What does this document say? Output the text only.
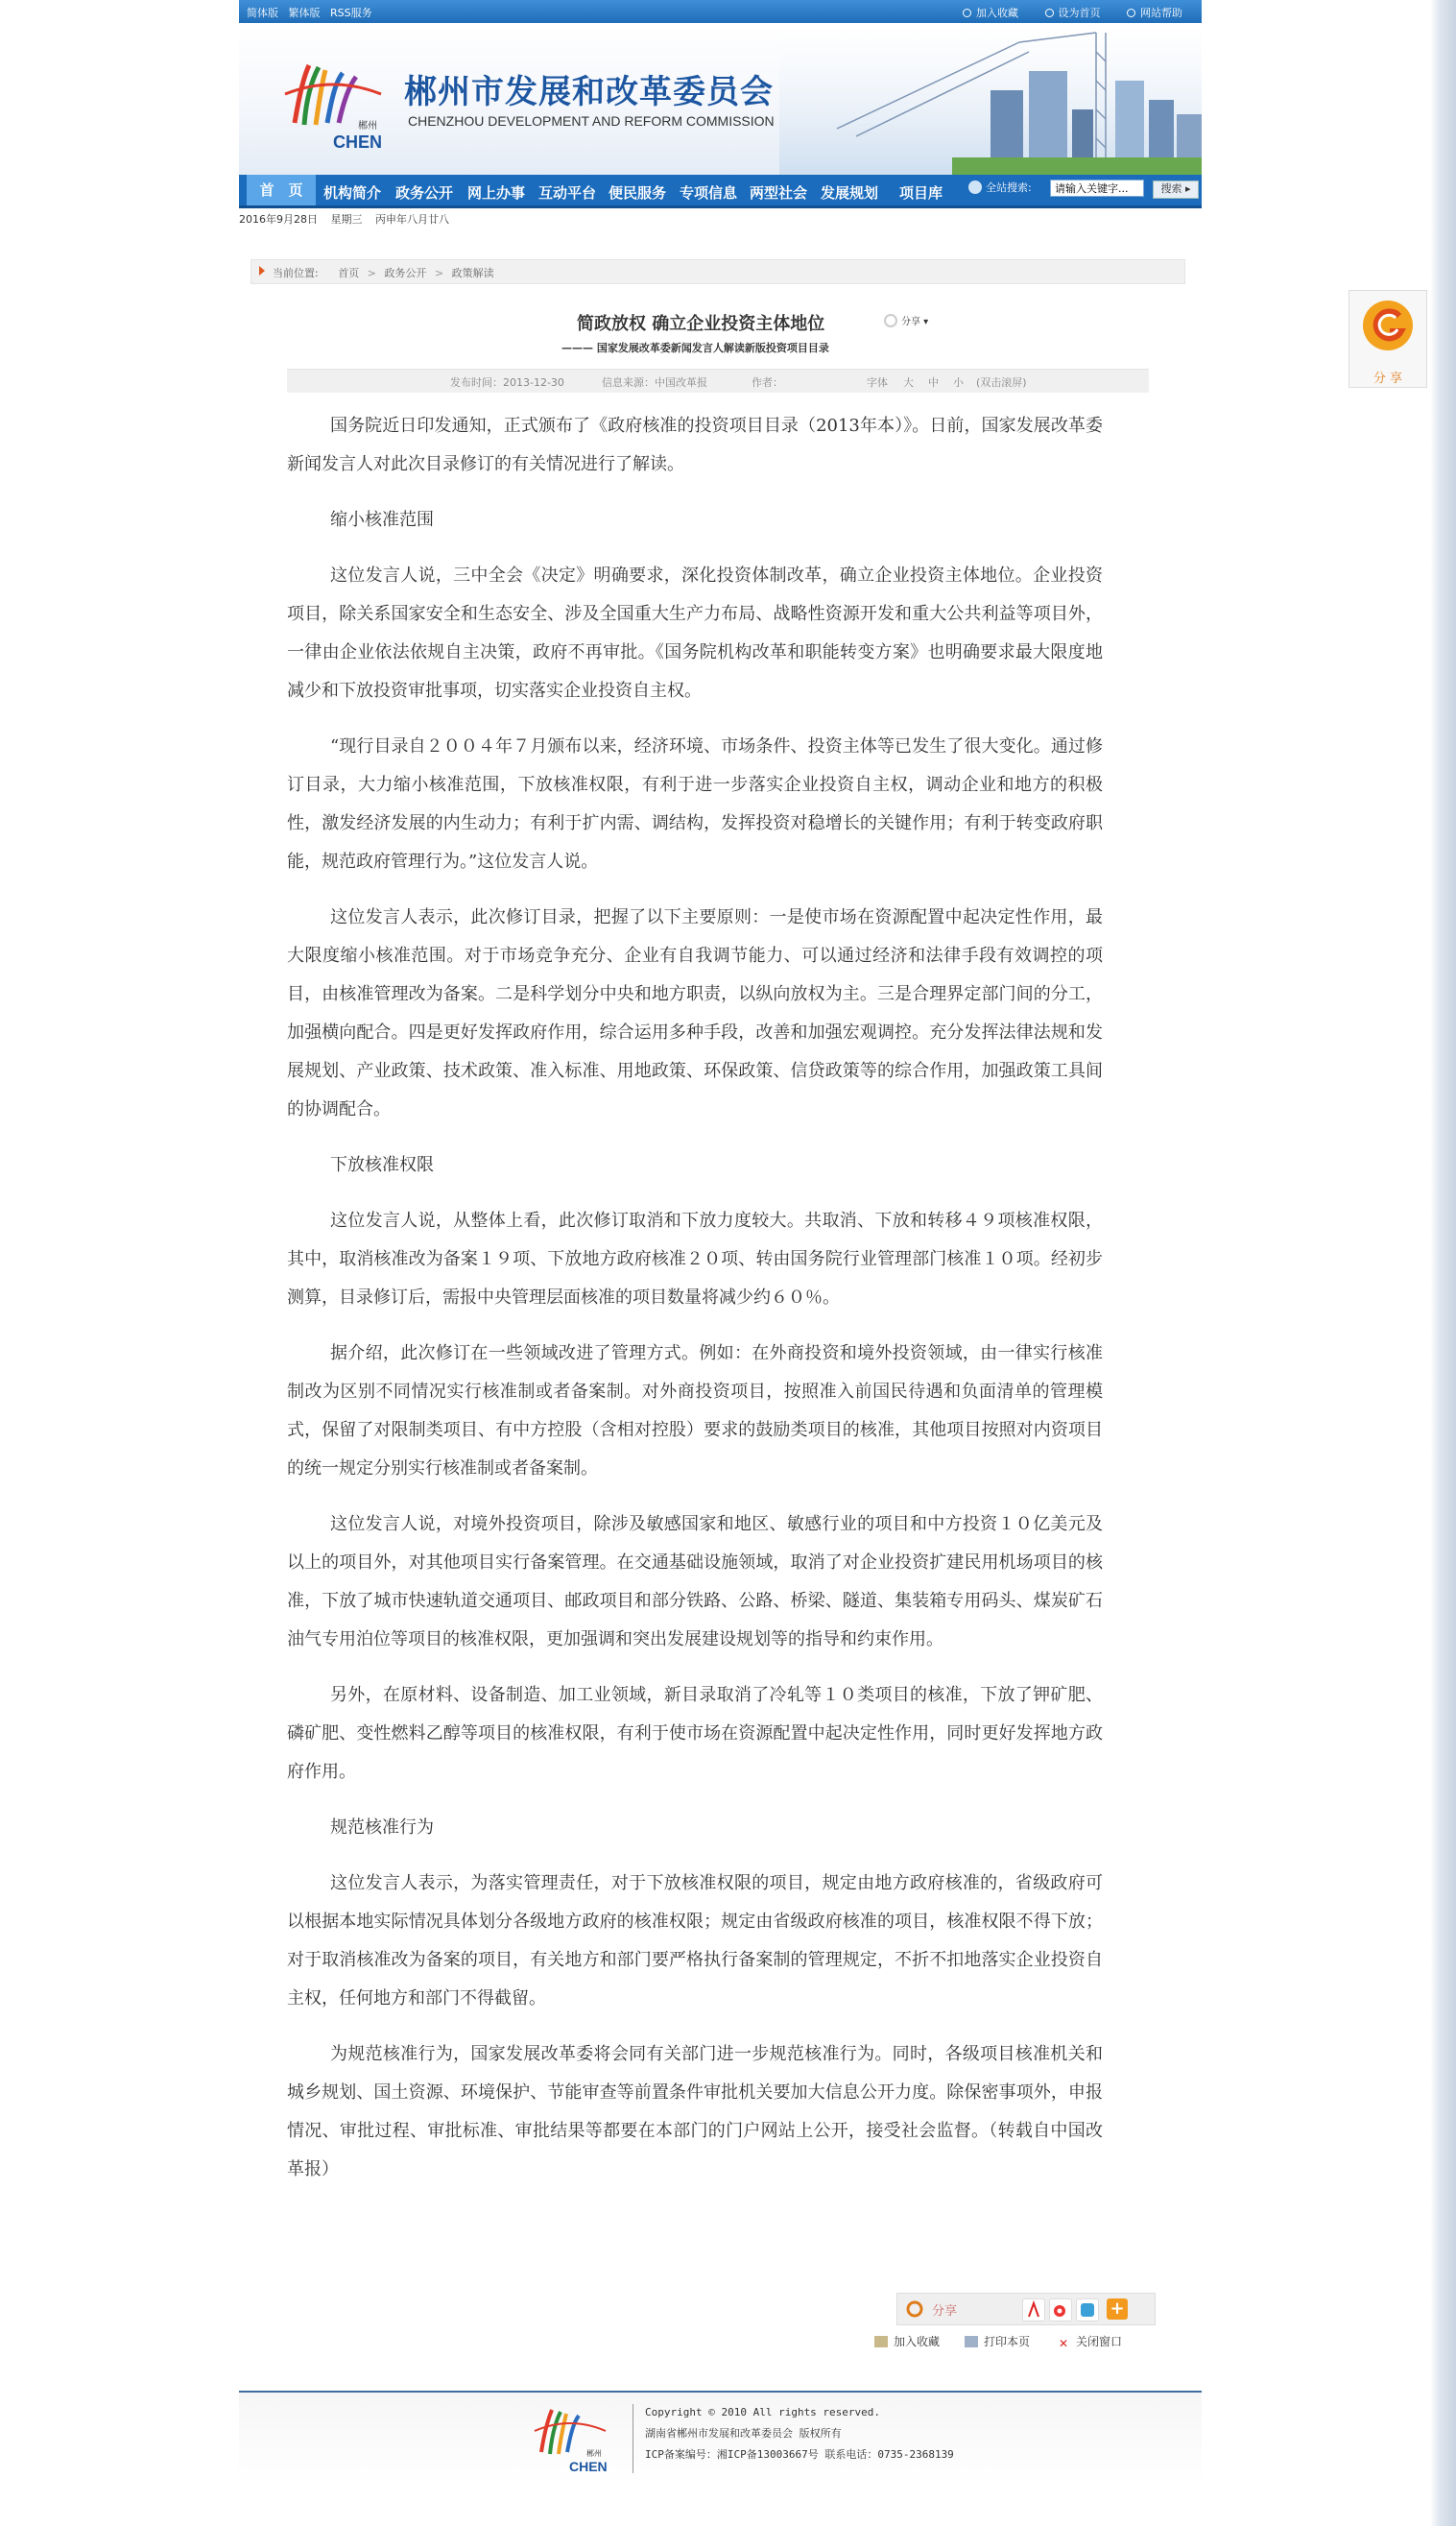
简体版 繁体版 RSS服务	加入收藏	设为首页	网站帮助
CHEN
郴州
郴州市发展和改革委员会
CHENZHOU DEVELOPMENT AND REFORM COMMISSION
首　页	机构简介 政务公开 网上办事 互动平台 便民服务 专项信息 两型社会 发展规划 项目库	全站搜索:
请输入关键字...	搜索 ▸
2016年9月28日 星期三 丙申年八月廿八
当前位置: 首页 > 政务公开 > 政策解读
简政放权 确立企业投资主体地位	分享 ▾
——— 国家发展改革委新闻发言人解读新版投资项目目录
发布时间：2013-12-30	信息来源：中国改革报	作者：	字体 大 中 小 (双击滚屏)

国务院近日印发通知，正式颁布了《政府核准的投资项目目录（2013年本）》。日前，国家发展改革委新闻发言人对此次目录修订的有关情况进行了解读。

缩小核准范围

这位发言人说，三中全会《决定》明确要求，深化投资体制改革，确立企业投资主体地位。企业投资项目，除关系国家安全和生态安全、涉及全国重大生产力布局、战略性资源开发和重大公共利益等项目外，一律由企业依法依规自主决策，政府不再审批。《国务院机构改革和职能转变方案》也明确要求最大限度地减少和下放投资审批事项，切实落实企业投资自主权。

“现行目录自２００４年７月颁布以来，经济环境、市场条件、投资主体等已发生了很大变化。通过修订目录，大力缩小核准范围，下放核准权限，有利于进一步落实企业投资自主权，调动企业和地方的积极性，激发经济发展的内生动力；有利于扩内需、调结构，发挥投资对稳增长的关键作用；有利于转变政府职能，规范政府管理行为。”这位发言人说。

这位发言人表示，此次修订目录，把握了以下主要原则：一是使市场在资源配置中起决定性作用，最大限度缩小核准范围。对于市场竞争充分、企业有自我调节能力、可以通过经济和法律手段有效调控的项目，由核准管理改为备案。二是科学划分中央和地方职责，以纵向放权为主。三是合理界定部门间的分工，加强横向配合。四是更好发挥政府作用，综合运用多种手段，改善和加强宏观调控。充分发挥法律法规和发展规划、产业政策、技术政策、准入标准、用地政策、环保政策、信贷政策等的综合作用，加强政策工具间的协调配合。

下放核准权限

这位发言人说，从整体上看，此次修订取消和下放力度较大。共取消、下放和转移４９项核准权限，其中，取消核准改为备案１９项、下放地方政府核准２０项、转由国务院行业管理部门核准１０项。经初步测算，目录修订后，需报中央管理层面核准的项目数量将减少约６０％。

据介绍，此次修订在一些领域改进了管理方式。例如：在外商投资和境外投资领域，由一律实行核准制改为区别不同情况实行核准制或者备案制。对外商投资项目，按照准入前国民待遇和负面清单的管理模式，保留了对限制类项目、有中方控股（含相对控股）要求的鼓励类项目的核准，其他项目按照对内资项目的统一规定分别实行核准制或者备案制。

这位发言人说，对境外投资项目，除涉及敏感国家和地区、敏感行业的项目和中方投资１０亿美元及以上的项目外，对其他项目实行备案管理。在交通基础设施领域，取消了对企业投资扩建民用机场项目的核准，下放了城市快速轨道交通项目、邮政项目和部分铁路、公路、桥梁、隧道、集装箱专用码头、煤炭矿石油气专用泊位等项目的核准权限，更加强调和突出发展建设规划等的指导和约束作用。

另外，在原材料、设备制造、加工业领域，新目录取消了冷轧等１０类项目的核准，下放了钾矿肥、磷矿肥、变性燃料乙醇等项目的核准权限，有利于使市场在资源配置中起决定性作用，同时更好发挥地方政府作用。

规范核准行为

这位发言人表示，为落实管理责任，对于下放核准权限的项目，规定由地方政府核准的，省级政府可以根据本地实际情况具体划分各级地方政府的核准权限；规定由省级政府核准的项目，核准权限不得下放；对于取消核准改为备案的项目，有关地方和部门要严格执行备案制的管理规定，不折不扣地落实企业投资自主权，任何地方和部门不得截留。

为规范核准行为，国家发展改革委将会同有关部门进一步规范核准行为。同时，各级项目核准机关和城乡规划、国土资源、环境保护、节能审查等前置条件审批机关要加大信息公开力度。除保密事项外，申报情况、审批过程、审批标准、审批结果等都要在本部门的门户网站上公开，接受社会监督。（转载自中国改革报）

分享	+
加入收藏	打印本页 ✕ 关闭窗口
CHEN
郴州
Copyright © 2010 All rights reserved.
湖南省郴州市发展和改革委员会 版权所有
ICP备案编号：湘ICP备13003667号 联系电话：0735-2368139
分 享
